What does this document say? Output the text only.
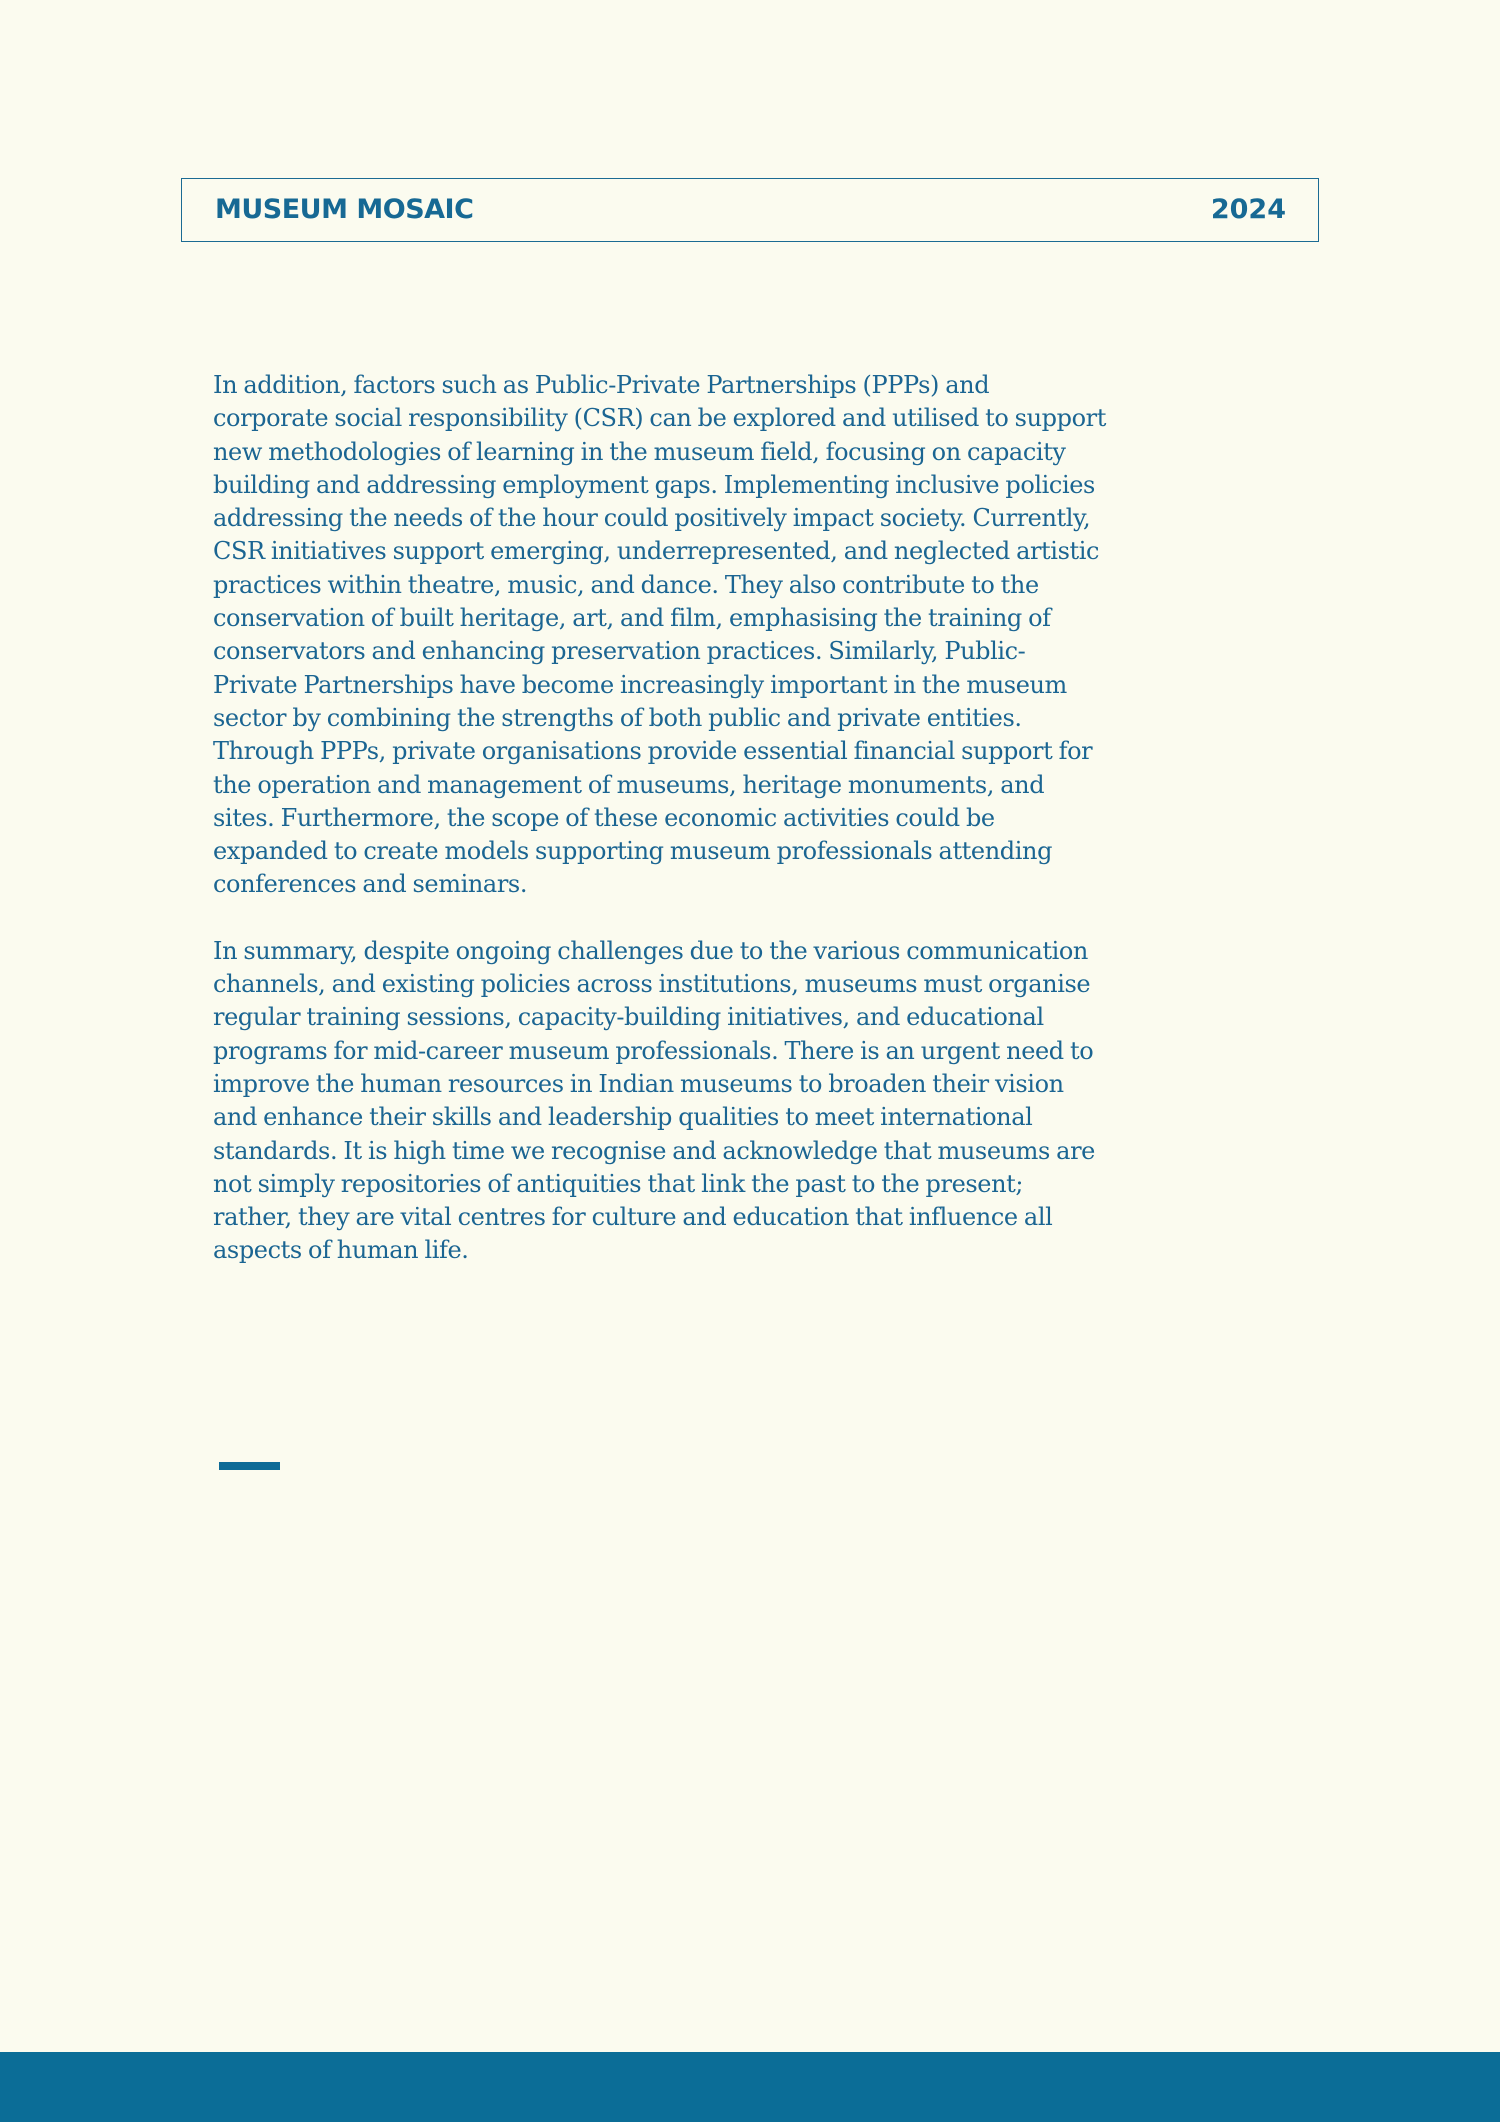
MUSEUM MOSAIC	2024

In addition, factors such as Public-Private Partnerships (PPPs) and corporate social responsibility (CSR) can be explored and utilised to support new methodologies of learning in the museum field, focusing on capacity building and addressing employment gaps. Implementing inclusive policies addressing the needs of the hour could positively impact society. Currently, CSR initiatives support emerging, underrepresented, and neglected artistic practices within theatre, music, and dance. They also contribute to the conservation of built heritage, art, and film, emphasising the training of conservators and enhancing preservation practices. Similarly, Public-Private Partnerships have become increasingly important in the museum sector by combining the strengths of both public and private entities. Through PPPs, private organisations provide essential financial support for the operation and management of museums, heritage monuments, and sites. Furthermore, the scope of these economic activities could be expanded to create models supporting museum professionals attending conferences and seminars.

In summary, despite ongoing challenges due to the various communication channels, and existing policies across institutions, museums must organise regular training sessions, capacity-building initiatives, and educational programs for mid-career museum professionals. There is an urgent need to improve the human resources in Indian museums to broaden their vision and enhance their skills and leadership qualities to meet international standards. It is high time we recognise and acknowledge that museums are not simply repositories of antiquities that link the past to the present; rather, they are vital centres for culture and education that influence all aspects of human life.
